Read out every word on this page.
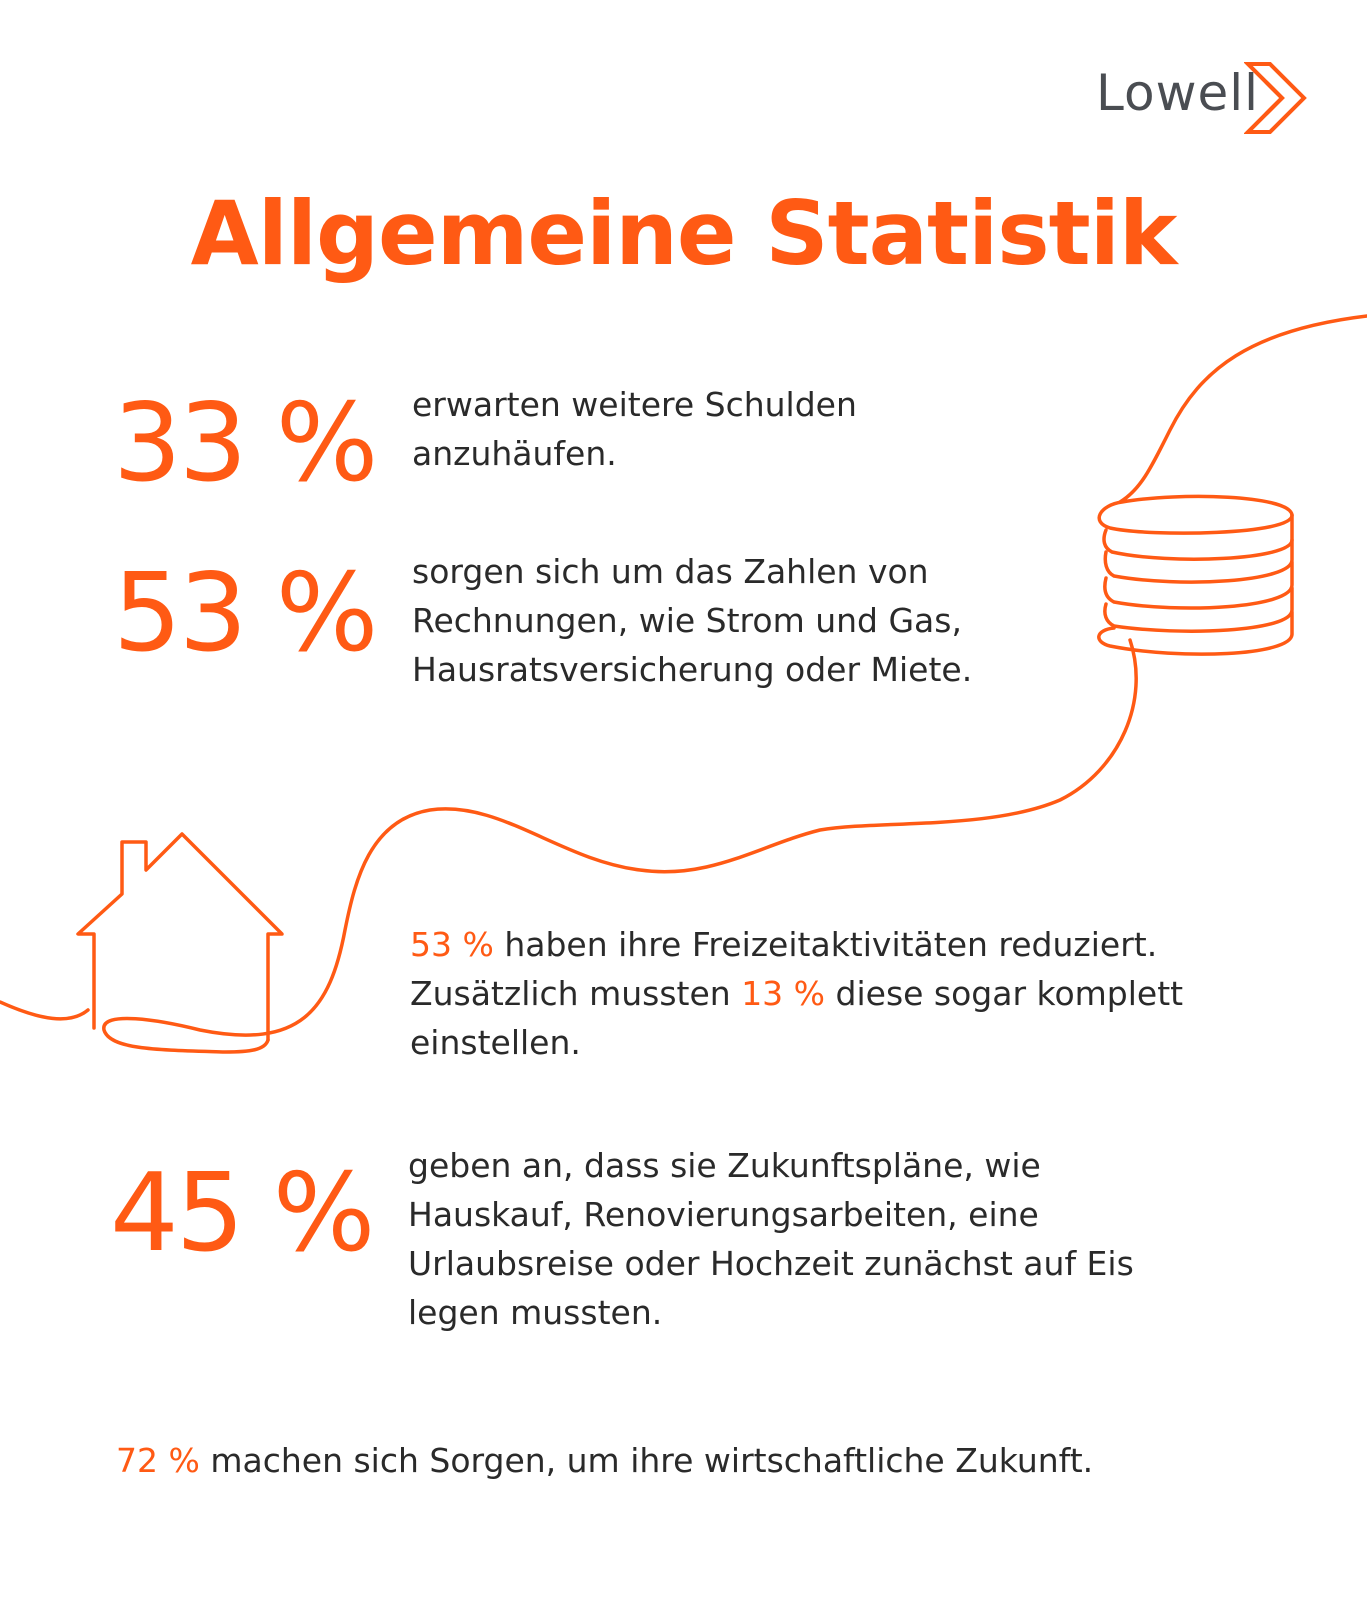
Lowell
Allgemeine Statistik
33 % erwarten weitere Schulden anzuhäufen.
53 % sorgen sich um das Zahlen von Rechnungen, wie Strom und Gas, Hausratsversicherung oder Miete.
53 % haben ihre Freizeitaktivitäten reduziert. Zusätzlich mussten 13 % diese sogar komplett einstellen.
45 % geben an, dass sie Zukunftspläne, wie Hauskauf, Renovierungsarbeiten, eine Urlaubsreise oder Hochzeit zunächst auf Eis legen mussten.
72 % machen sich Sorgen, um ihre wirtschaftliche Zukunft.
